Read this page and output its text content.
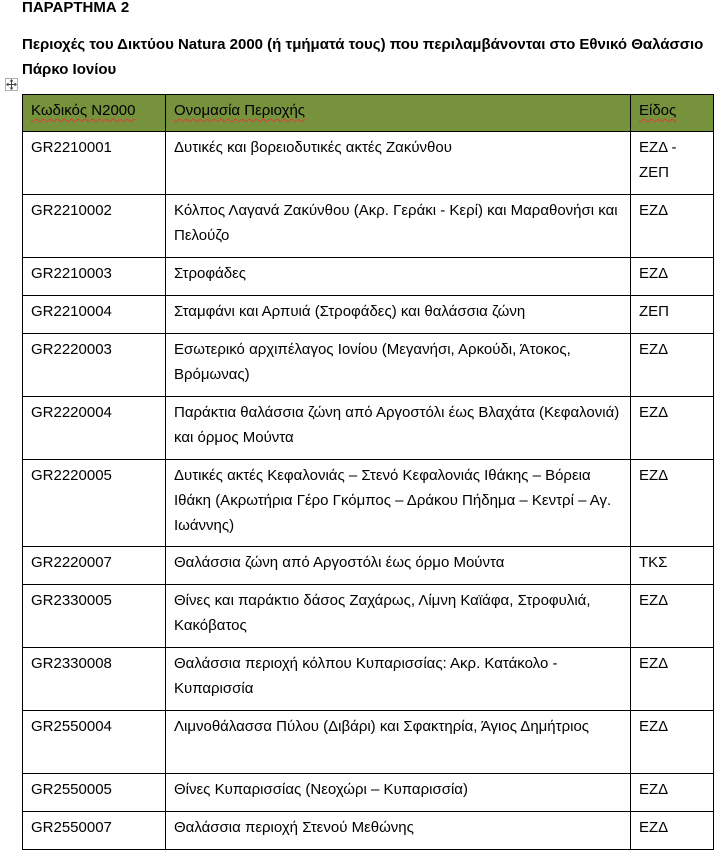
ΠΑΡΑΡΤΗΜΑ 2
Περιοχές του Δικτύου Natura 2000 (ή τμήματά τους) που περιλαμβάνονται στο Εθνικό Θαλάσσιο Πάρκο Ιονίου
Κωδικός Ν2000	Ονομασία Περιοχής	Είδος
GR2210001	Δυτικές και βορειοδυτικές ακτές Ζακύνθου	ΕΖΔ - ΖΕΠ
GR2210002	Κόλπος Λαγανά Ζακύνθου (Ακρ. Γεράκι - Κερί) και Μαραθονήσι και Πελούζο	ΕΖΔ
GR2210003	Στροφάδες	ΕΖΔ
GR2210004	Σταμφάνι και Αρπυιά (Στροφάδες) και θαλάσσια ζώνη	ΖΕΠ
GR2220003	Εσωτερικό αρχιπέλαγος Ιονίου (Μεγανήσι, Αρκούδι, Άτοκος, Βρόμωνας)	ΕΖΔ
GR2220004	Παράκτια θαλάσσια ζώνη από Αργοστόλι έως Βλαχάτα (Κεφαλονιά) και όρμος Μούντα	ΕΖΔ
GR2220005	Δυτικές ακτές Κεφαλονιάς – Στενό Κεφαλονιάς Ιθάκης – Βόρεια Ιθάκη (Ακρωτήρια Γέρο Γκόμπος – Δράκου Πήδημα – Κεντρί – Αγ. Ιωάννης)	ΕΖΔ
GR2220007	Θαλάσσια ζώνη από Αργοστόλι έως όρμο Μούντα	ΤΚΣ
GR2330005	Θίνες και παράκτιο δάσος Ζαχάρως, Λίμνη Καϊάφα, Στροφυλιά, Κακόβατος	ΕΖΔ
GR2330008	Θαλάσσια περιοχή κόλπου Κυπαρισσίας: Ακρ. Κατάκολο - Κυπαρισσία	ΕΖΔ
GR2550004	Λιμνοθάλασσα Πύλου (Διβάρι) και Σφακτηρία, Άγιος Δημήτριος	ΕΖΔ
GR2550005	Θίνες Κυπαρισσίας (Νεοχώρι – Κυπαρισσία)	ΕΖΔ
GR2550007	Θαλάσσια περιοχή Στενού Μεθώνης	ΕΖΔ
